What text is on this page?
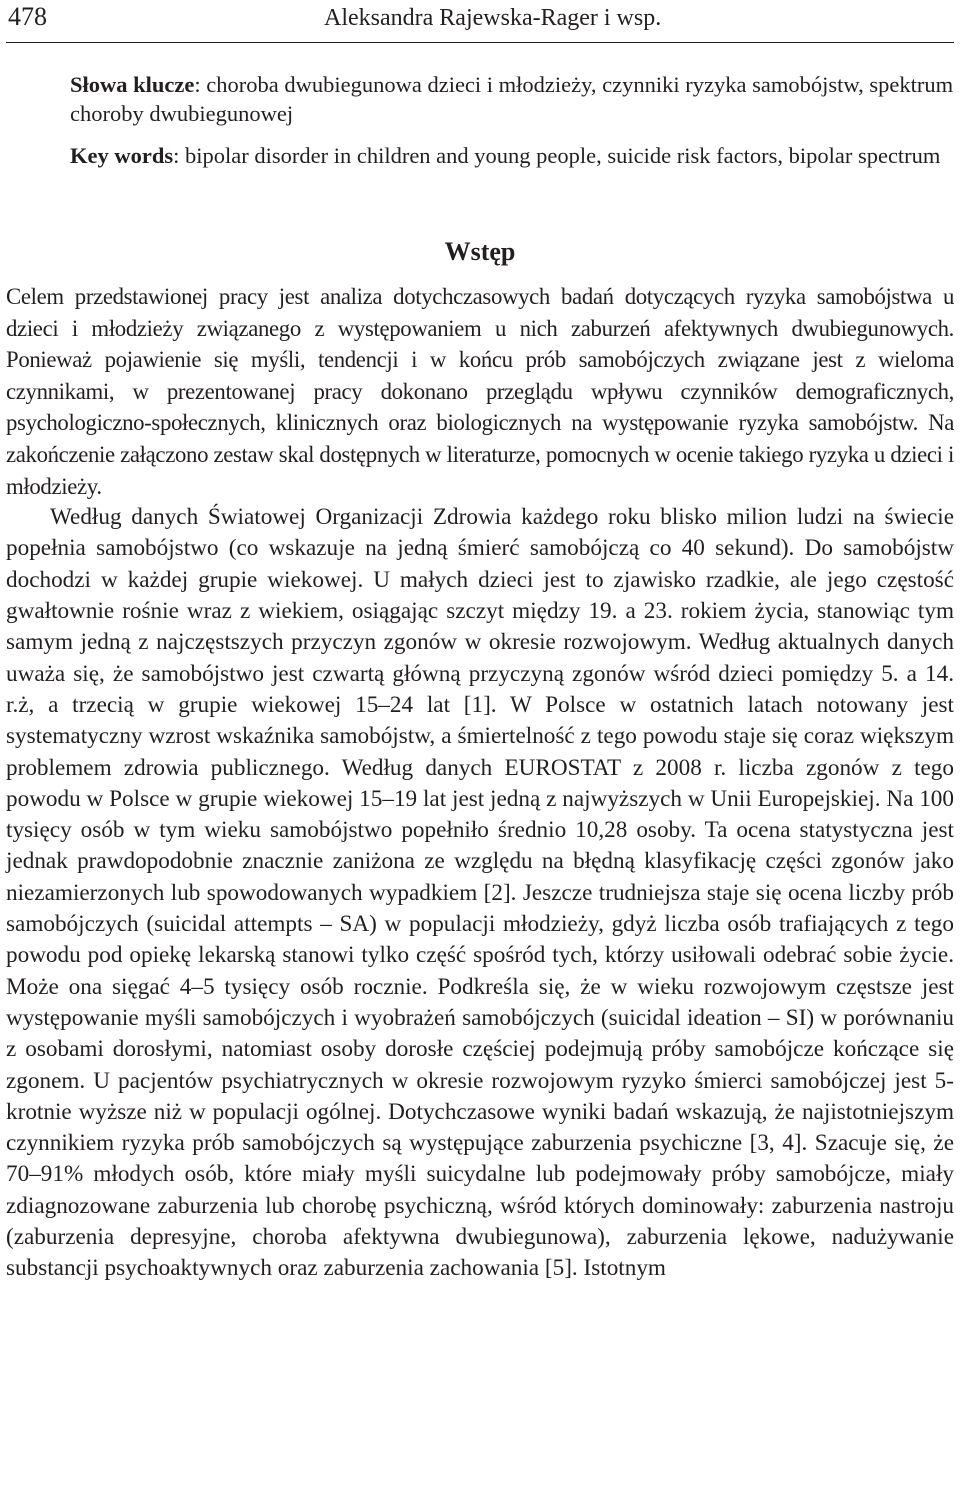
478	Aleksandra Rajewska-Rager i wsp.
Słowa klucze: choroba dwubiegunowa dzieci i młodzieży, czynniki ryzyka samobójstw, spektrum choroby dwubiegunowej
Key words: bipolar disorder in children and young people, suicide risk factors, bipolar spectrum
Wstęp

Celem przedstawionej pracy jest analiza dotychczasowych badań dotyczących ryzyka samobójstwa u dzieci i młodzieży związanego z występowaniem u nich zaburzeń afektywnych dwubiegunowych. Ponieważ pojawienie się myśli, tendencji i w końcu prób samobójczych związane jest z wieloma czynnikami, w prezentowanej pracy dokonano przeglądu wpływu czynników demograficznych, psychologiczno-społecznych, klinicznych oraz biologicznych na występowanie ryzyka samobójstw. Na zakończenie załączono zestaw skal dostępnych w literaturze, pomocnych w ocenie takiego ryzyka u dzieci i młodzieży.

Według danych Światowej Organizacji Zdrowia każdego roku blisko milion ludzi na świecie popełnia samobójstwo (co wskazuje na jedną śmierć samobójczą co 40 sekund). Do samobójstw dochodzi w każdej grupie wiekowej. U małych dzieci jest to zjawisko rzadkie, ale jego częstość gwałtownie rośnie wraz z wiekiem, osiągając szczyt między 19. a 23. rokiem życia, stanowiąc tym samym jedną z najczęstszych przyczyn zgonów w okresie rozwojowym. Według aktualnych danych uważa się, że samobójstwo jest czwartą główną przyczyną zgonów wśród dzieci pomiędzy 5. a 14. r.ż, a trzecią w grupie wiekowej 15–24 lat [1]. W Polsce w ostatnich latach notowany jest systematyczny wzrost wskaźnika samobójstw, a śmiertelność z tego powodu staje się coraz większym problemem zdrowia publicznego. Według danych EUROSTAT z 2008 r. liczba zgonów z tego powodu w Polsce w grupie wiekowej 15–19 lat jest jedną z najwyższych w Unii Europejskiej. Na 100 tysięcy osób w tym wieku samobójstwo popełniło średnio 10,28 osoby. Ta ocena statystyczna jest jednak prawdopodobnie znacznie zaniżona ze względu na błędną klasyfikację części zgonów jako niezamierzonych lub spowodowanych wypadkiem [2]. Jeszcze trudniejsza staje się ocena liczby prób samobójczych (suicidal attempts – SA) w populacji młodzieży, gdyż liczba osób trafiających z tego powodu pod opiekę lekarską stanowi tylko część spośród tych, którzy usiłowali odebrać sobie życie. Może ona sięgać 4–5 tysięcy osób rocznie. Podkreśla się, że w wieku rozwojowym częstsze jest występowanie myśli samobójczych i wyobrażeń samobójczych (suicidal ideation – SI) w porównaniu z osobami dorosłymi, natomiast osoby dorosłe częściej podejmują próby samobójcze kończące się zgonem. U pacjentów psychiatrycznych w okresie rozwojowym ryzyko śmierci samobójczej jest 5-krotnie wyższe niż w populacji ogólnej. Dotychczasowe wyniki badań wskazują, że najistotniejszym czynnikiem ryzyka prób samobójczych są występujące zaburzenia psychiczne [3, 4]. Szacuje się, że 70–91% młodych osób, które miały myśli suicydalne lub podejmowały próby samobójcze, miały zdiagnozowane zaburzenia lub chorobę psychiczną, wśród których dominowały: zaburzenia nastroju (zaburzenia depresyjne, choroba afektywna dwubiegunowa), zaburzenia lękowe, nadużywanie substancji psychoaktywnych oraz zaburzenia zachowania [5]. Istotnym
